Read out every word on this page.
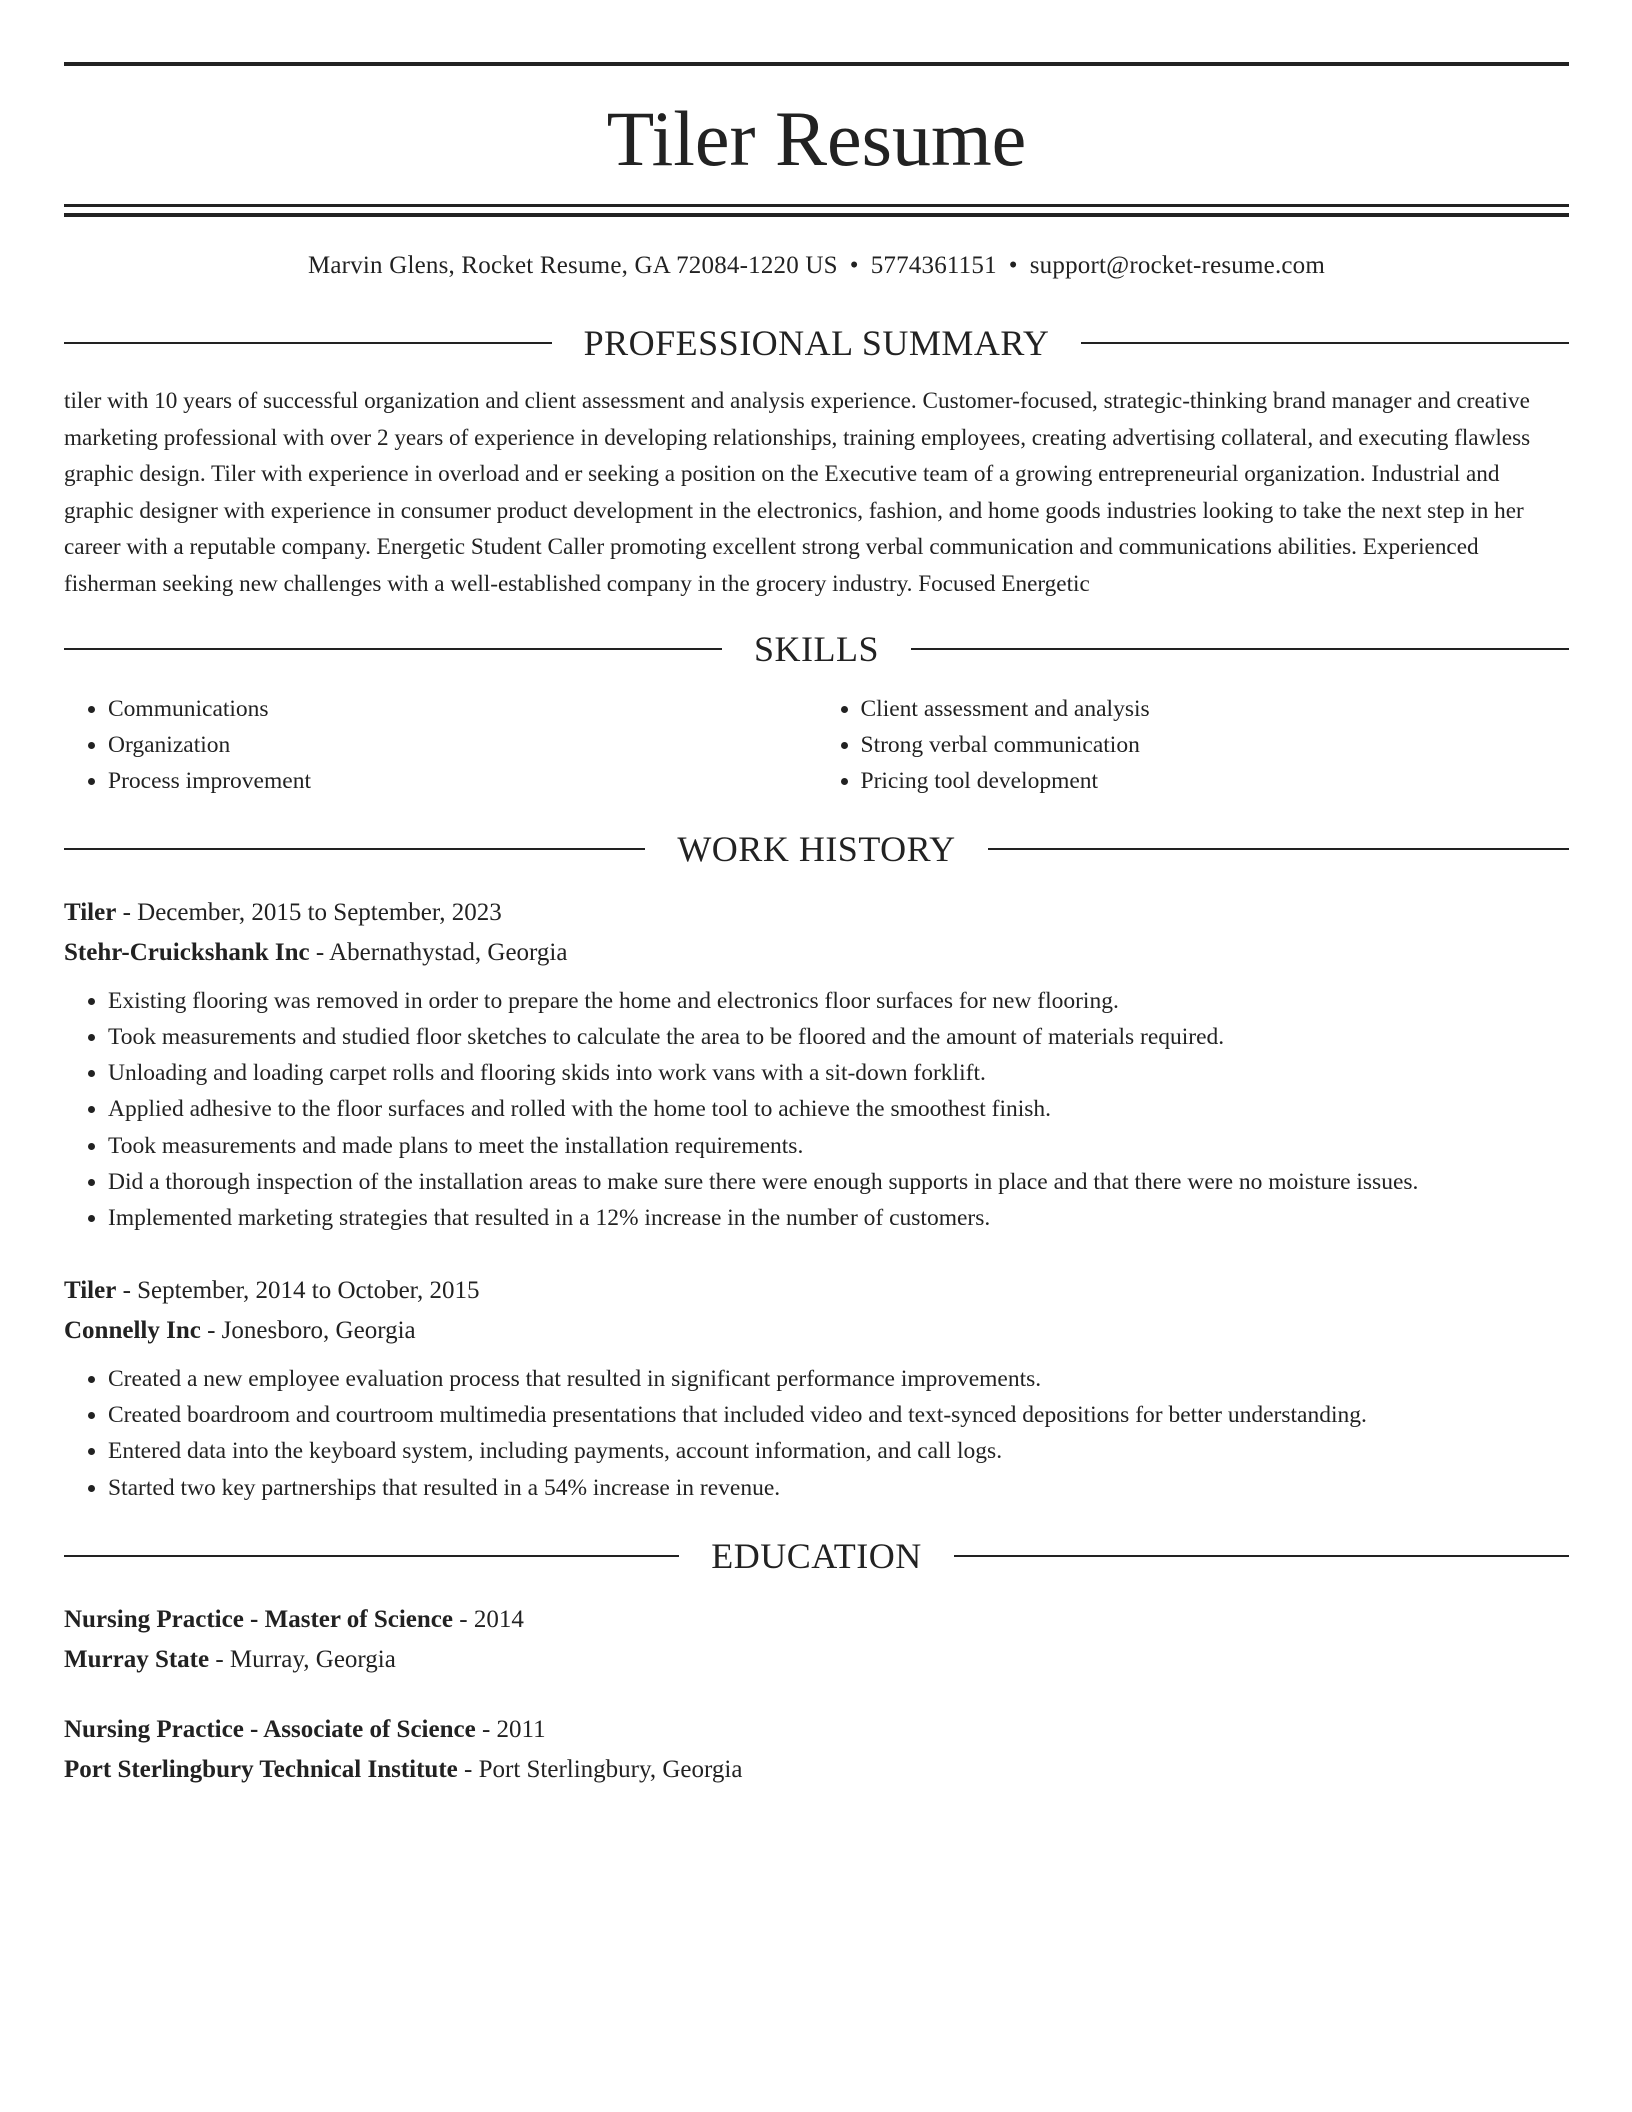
Tiler Resume
Marvin Glens, Rocket Resume, GA 72084-1220 US • 5774361151 • support@rocket-resume.com
PROFESSIONAL SUMMARY
tiler with 10 years of successful organization and client assessment and analysis experience. Customer-focused, strategic-thinking brand manager and creative marketing professional with over 2 years of experience in developing relationships, training employees, creating advertising collateral, and executing flawless graphic design. Tiler with experience in overload and er seeking a position on the Executive team of a growing entrepreneurial organization. Industrial and graphic designer with experience in consumer product development in the electronics, fashion, and home goods industries looking to take the next step in her career with a reputable company. Energetic Student Caller promoting excellent strong verbal communication and communications abilities. Experienced fisherman seeking new challenges with a well-established company in the grocery industry. Focused Energetic
SKILLS
• Communications
• Organization
• Process improvement
• Client assessment and analysis
• Strong verbal communication
• Pricing tool development
WORK HISTORY
Tiler - December, 2015 to September, 2023
Stehr-Cruickshank Inc - Abernathystad, Georgia
• Existing flooring was removed in order to prepare the home and electronics floor surfaces for new flooring.
• Took measurements and studied floor sketches to calculate the area to be floored and the amount of materials required.
• Unloading and loading carpet rolls and flooring skids into work vans with a sit-down forklift.
• Applied adhesive to the floor surfaces and rolled with the home tool to achieve the smoothest finish.
• Took measurements and made plans to meet the installation requirements.
• Did a thorough inspection of the installation areas to make sure there were enough supports in place and that there were no moisture issues.
• Implemented marketing strategies that resulted in a 12% increase in the number of customers.
Tiler - September, 2014 to October, 2015
Connelly Inc - Jonesboro, Georgia
• Created a new employee evaluation process that resulted in significant performance improvements.
• Created boardroom and courtroom multimedia presentations that included video and text-synced depositions for better understanding.
• Entered data into the keyboard system, including payments, account information, and call logs.
• Started two key partnerships that resulted in a 54% increase in revenue.
EDUCATION
Nursing Practice - Master of Science - 2014
Murray State - Murray, Georgia
Nursing Practice - Associate of Science - 2011
Port Sterlingbury Technical Institute - Port Sterlingbury, Georgia
